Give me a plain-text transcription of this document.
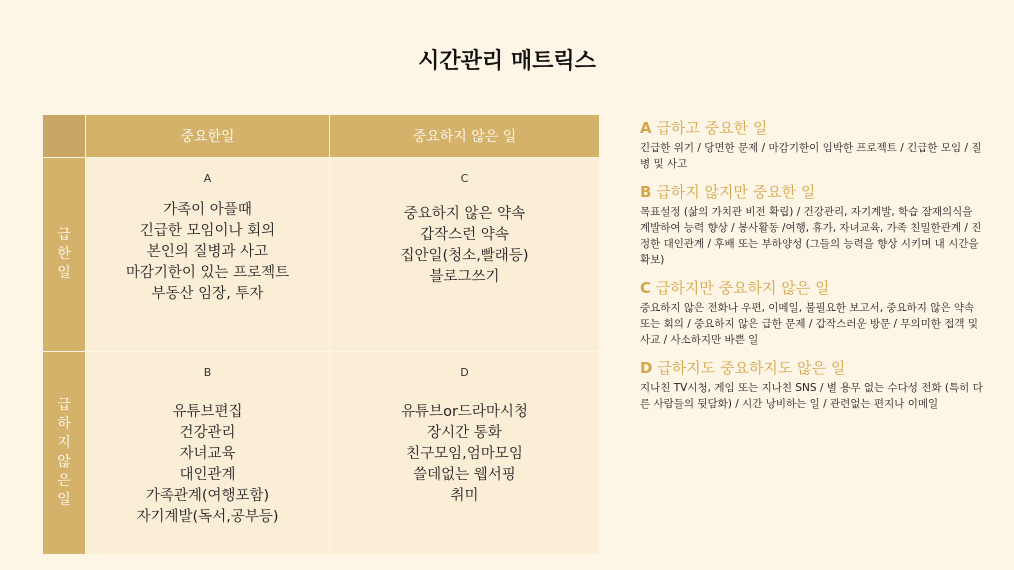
시간관리 매트릭스
중요한일	중요하지 않은 일
급한일
급하지않은일
A
가족이 아플때
긴급한 모임이나 회의
본인의 질병과 사고
마감기한이 있는 프로젝트
부동산 임장, 투자
C
중요하지 않은 약속
갑작스런 약속
집안일(청소,빨래등)
블로그쓰기
B
유튜브편집
건강관리
자녀교육
대인관계
가족관계(여행포함)
자기계발(독서,공부등)
D
유튜브or드라마시청
장시간 통화
친구모임,엄마모임
쓸데없는 웹서핑
취미
A 급하고 중요한 일
긴급한 위기 / 당면한 문제 / 마감기한이 임박한 프로젝트 / 긴급한 모임 / 질병 및 사고
B 급하지 않지만 중요한 일
목표설정 (삶의 가치관 비전 확립) / 건강관리, 자기계발, 학습 잠재의식을 계발하여 능력 향상 / 봉사활동 /여행, 휴가, 자녀교육, 가족 친밀한관계 / 진정한 대인관계 / 후배 또는 부하양성 (그들의 능력을 향상 시키며 내 시간을 확보)
C 급하지만 중요하지 않은 일
중요하지 않은 전화나 우편, 이메일, 불필요한 보고서, 중요하지 않은 약속 또는 회의 / 중요하지 않은 급한 문제 / 갑작스러운 방문 / 무의미한 접객 및 사교 / 사소하지만 바쁜 일
D 급하지도 중요하지도 않은 일
지나친 TV시청, 게임 또는 지나친 SNS / 별 용무 없는 수다성 전화 (특히 다른 사람들의 뒷담화) / 시간 낭비하는 일 / 관련없는 편지나 이메일
